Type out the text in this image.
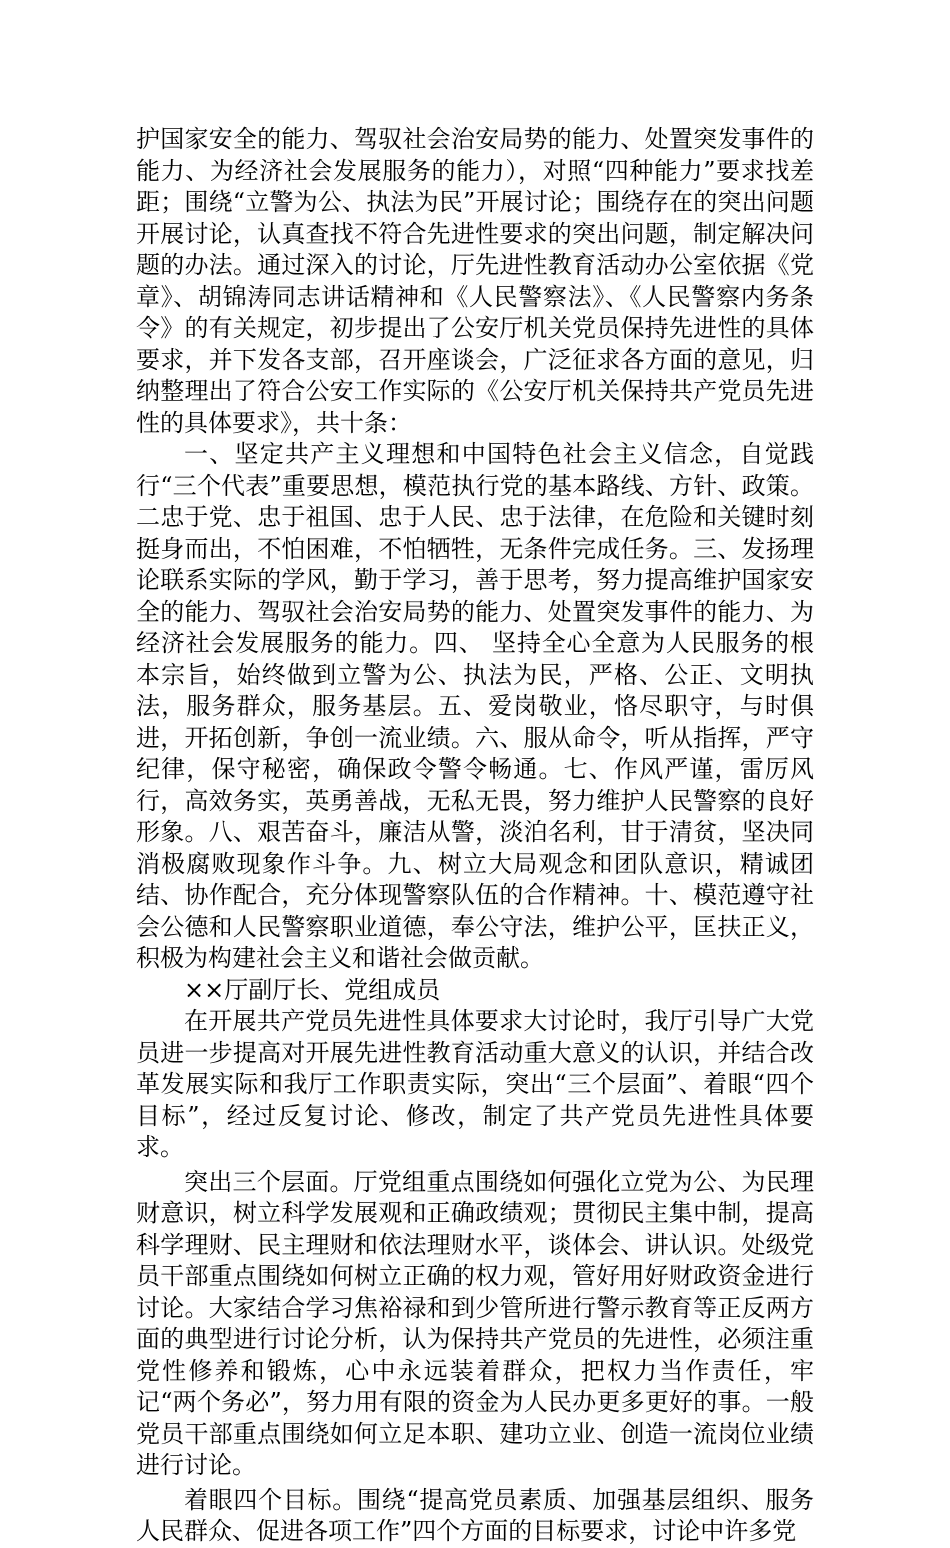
护国家安全的能力、驾驭社会治安局势的能力、处置突发事件的能力、为经济社会发展服务的能力），对照“四种能力”要求找差距；围绕“立警为公、执法为民”开展讨论；围绕存在的突出问题开展讨论，认真查找不符合先进性要求的突出问题，制定解决问题的办法。通过深入的讨论，厅先进性教育活动办公室依据《党章》、胡锦涛同志讲话精神和《人民警察法》、《人民警察内务条令》的有关规定，初步提出了公安厅机关党员保持先进性的具体要求，并下发各支部，召开座谈会，广泛征求各方面的意见，归纳整理出了符合公安工作实际的《公安厅机关保持共产党员先进性的具体要求》，共十条：

一、坚定共产主义理想和中国特色社会主义信念，自觉践行“三个代表”重要思想，模范执行党的基本路线、方针、政策。二忠于党、忠于祖国、忠于人民、忠于法律，在危险和关键时刻挺身而出，不怕困难，不怕牺牲，无条件完成任务。三、发扬理论联系实际的学风，勤于学习，善于思考，努力提高维护国家安全的能力、驾驭社会治安局势的能力、处置突发事件的能力、为经济社会发展服务的能力。四、 坚持全心全意为人民服务的根本宗旨，始终做到立警为公、执法为民，严格、公正、文明执法，服务群众，服务基层。五、爱岗敬业，恪尽职守，与时俱进，开拓创新，争创一流业绩。六、服从命令，听从指挥，严守纪律，保守秘密，确保政令警令畅通。七、作风严谨，雷厉风行，高效务实，英勇善战，无私无畏，努力维护人民警察的良好形象。八、艰苦奋斗，廉洁从警，淡泊名利，甘于清贫，坚决同消极腐败现象作斗争。九、树立大局观念和团队意识，精诚团结、协作配合，充分体现警察队伍的合作精神。十、模范遵守社会公德和人民警察职业道德，奉公守法，维护公平，匡扶正义，积极为构建社会主义和谐社会做贡献。

××厅副厅长、党组成员

在开展共产党员先进性具体要求大讨论时，我厅引导广大党员进一步提高对开展先进性教育活动重大意义的认识，并结合改革发展实际和我厅工作职责实际，突出“三个层面”、着眼“四个目标”，经过反复讨论、修改，制定了共产党员先进性具体要求。

突出三个层面。厅党组重点围绕如何强化立党为公、为民理财意识，树立科学发展观和正确政绩观；贯彻民主集中制，提高科学理财、民主理财和依法理财水平，谈体会、讲认识。处级党员干部重点围绕如何树立正确的权力观，管好用好财政资金进行讨论。大家结合学习焦裕禄和到少管所进行警示教育等正反两方面的典型进行讨论分析，认为保持共产党员的先进性，必须注重党性修养和锻炼，心中永远装着群众，把权力当作责任，牢记“两个务必”，努力用有限的资金为人民办更多更好的事。一般党员干部重点围绕如何立足本职、建功立业、创造一流岗位业绩进行讨论。

着眼四个目标。围绕“提高党员素质、加强基层组织、服务人民群众、促进各项工作”四个方面的目标要求，讨论中许多党
